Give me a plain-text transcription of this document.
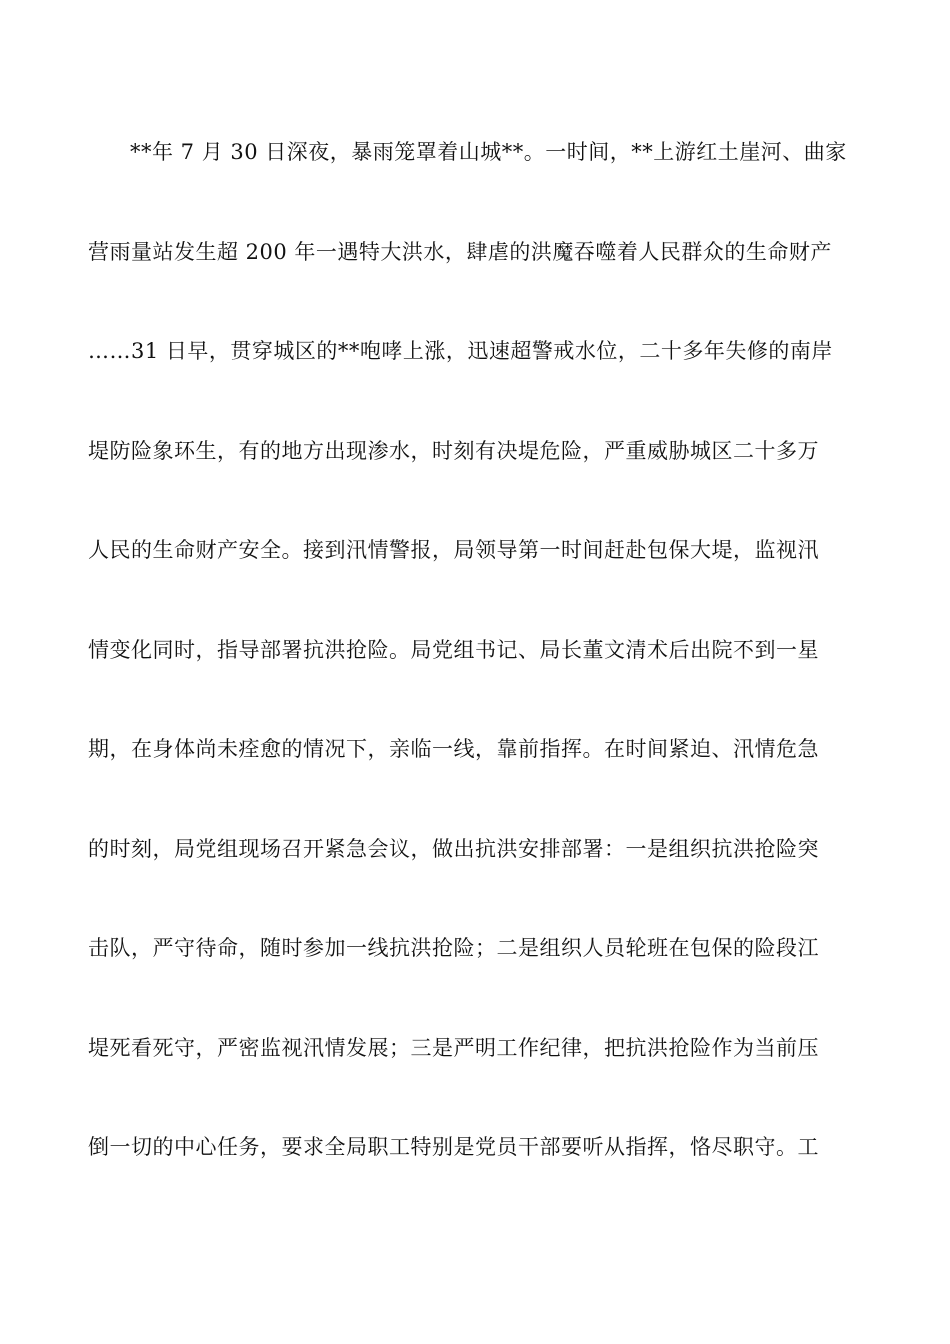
**年 7 月 30 日深夜，暴雨笼罩着山城**。一时间，**上游红土崖河、曲家
营雨量站发生超 200 年一遇特大洪水，肆虐的洪魔吞噬着人民群众的生命财产
……31 日早，贯穿城区的**咆哮上涨，迅速超警戒水位，二十多年失修的南岸
堤防险象环生，有的地方出现渗水，时刻有决堤危险，严重威胁城区二十多万
人民的生命财产安全。接到汛情警报，局领导第一时间赶赴包保大堤，监视汛
情变化同时，指导部署抗洪抢险。局党组书记、局长董文清术后出院不到一星
期，在身体尚未痊愈的情况下，亲临一线，靠前指挥。在时间紧迫、汛情危急
的时刻，局党组现场召开紧急会议，做出抗洪安排部署：一是组织抗洪抢险突
击队，严守待命，随时参加一线抗洪抢险；二是组织人员轮班在包保的险段江
堤死看死守，严密监视汛情发展；三是严明工作纪律，把抗洪抢险作为当前压
倒一切的中心任务，要求全局职工特别是党员干部要听从指挥，恪尽职守。工
